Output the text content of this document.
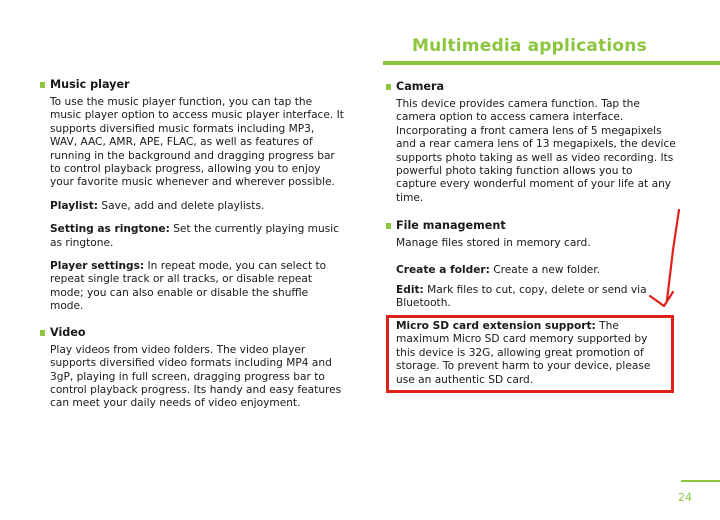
Multimedia applications
Music player

To use the music player function, you can tap the music player option to access music player interface. It supports diversified music formats including MP3, WAV, AAC, AMR, APE, FLAC, as well as features of running in the background and dragging progress bar to control playback progress, allowing you to enjoy your favorite music whenever and wherever possible.

Playlist: Save, add and delete playlists.

Setting as ringtone: Set the currently playing music as ringtone.

Player settings: In repeat mode, you can select to repeat single track or all tracks, or disable repeat mode; you can also enable or disable the shuffle mode.

Video

Play videos from video folders. The video player supports diversified video formats including MP4 and 3gP, playing in full screen, dragging progress bar to control playback progress. Its handy and easy features can meet your daily needs of video enjoyment.

Camera

This device provides camera function. Tap the camera option to access camera interface. Incorporating a front camera lens of 5 megapixels and a rear camera lens of 13 megapixels, the device supports photo taking as well as video recording. Its powerful photo taking function allows you to capture every wonderful moment of your life at any time.

File management

Manage files stored in memory card.

Create a folder: Create a new folder.

Edit: Mark files to cut, copy, delete or send via Bluetooth.

Micro SD card extension support: The maximum Micro SD card memory supported by this device is 32G, allowing great promotion of storage. To prevent harm to your device, please use an authentic SD card.
24
